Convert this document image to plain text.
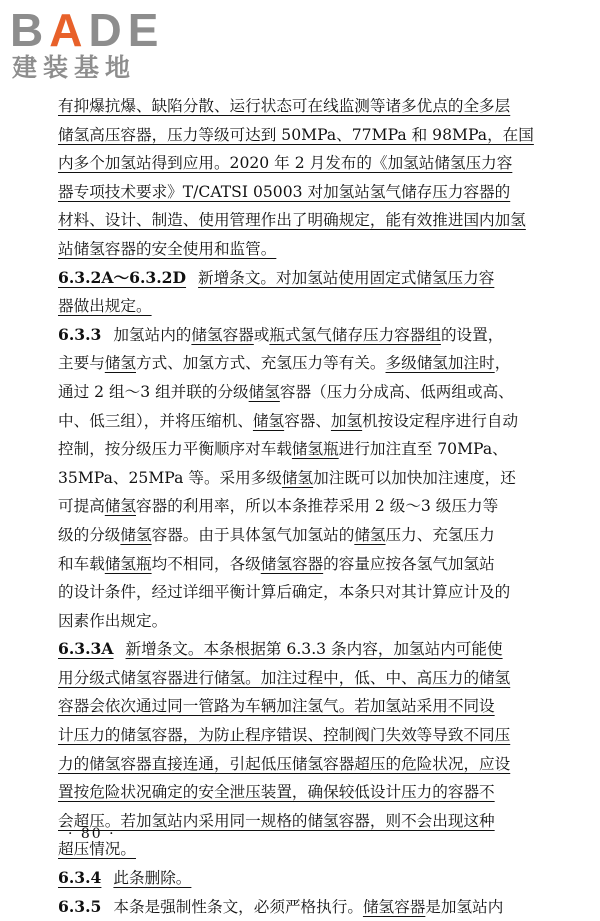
BADE
建装基地
有抑爆抗爆、缺陷分散、运行状态可在线监测等诸多优点的全多层
储氢高压容器，压力等级可达到 50MPa、77MPa 和 98MPa，在国
内多个加氢站得到应用。2020 年 2 月发布的《加氢站储氢压力容
器专项技术要求》T/CATSI 05003 对加氢站氢气储存压力容器的
材料、设计、制造、使用管理作出了明确规定，能有效推进国内加氢
站储氢容器的安全使用和监管。
6.3.2A～6.3.2D 新增条文。对加氢站使用固定式储氢压力容
器做出规定。
6.3.3 加氢站内的储氢容器或瓶式氢气储存压力容器组的设置，
主要与储氢方式、加氢方式、充氢压力等有关。多级储氢加注时，
通过 2 组～3 组并联的分级储氢容器（压力分成高、低两组或高、
中、低三组），并将压缩机、储氢容器、加氢机按设定程序进行自动
控制，按分级压力平衡顺序对车载储氢瓶进行加注直至 70MPa、
35MPa、25MPa 等。采用多级储氢加注既可以加快加注速度，还
可提高储氢容器的利用率，所以本条推荐采用 2 级～3 级压力等
级的分级储氢容器。由于具体氢气加氢站的储氢压力、充氢压力
和车载储氢瓶均不相同，各级储氢容器的容量应按各氢气加氢站
的设计条件，经过详细平衡计算后确定，本条只对其计算应计及的
因素作出规定。
6.3.3A 新增条文。本条根据第 6.3.3 条内容，加氢站内可能使
用分级式储氢容器进行储氢。加注过程中，低、中、高压力的储氢
容器会依次通过同一管路为车辆加注氢气。若加氢站采用不同设
计压力的储氢容器，为防止程序错误、控制阀门失效等导致不同压
力的储氢容器直接连通，引起低压储氢容器超压的危险状况，应设
置按危险状况确定的安全泄压装置，确保较低设计压力的容器不
会超压。若加氢站内采用同一规格的储氢容器，则不会出现这种
超压情况。
6.3.4 此条删除。
6.3.5 本条是强制性条文，必须严格执行。储氢容器是加氢站内
· 80 ·
